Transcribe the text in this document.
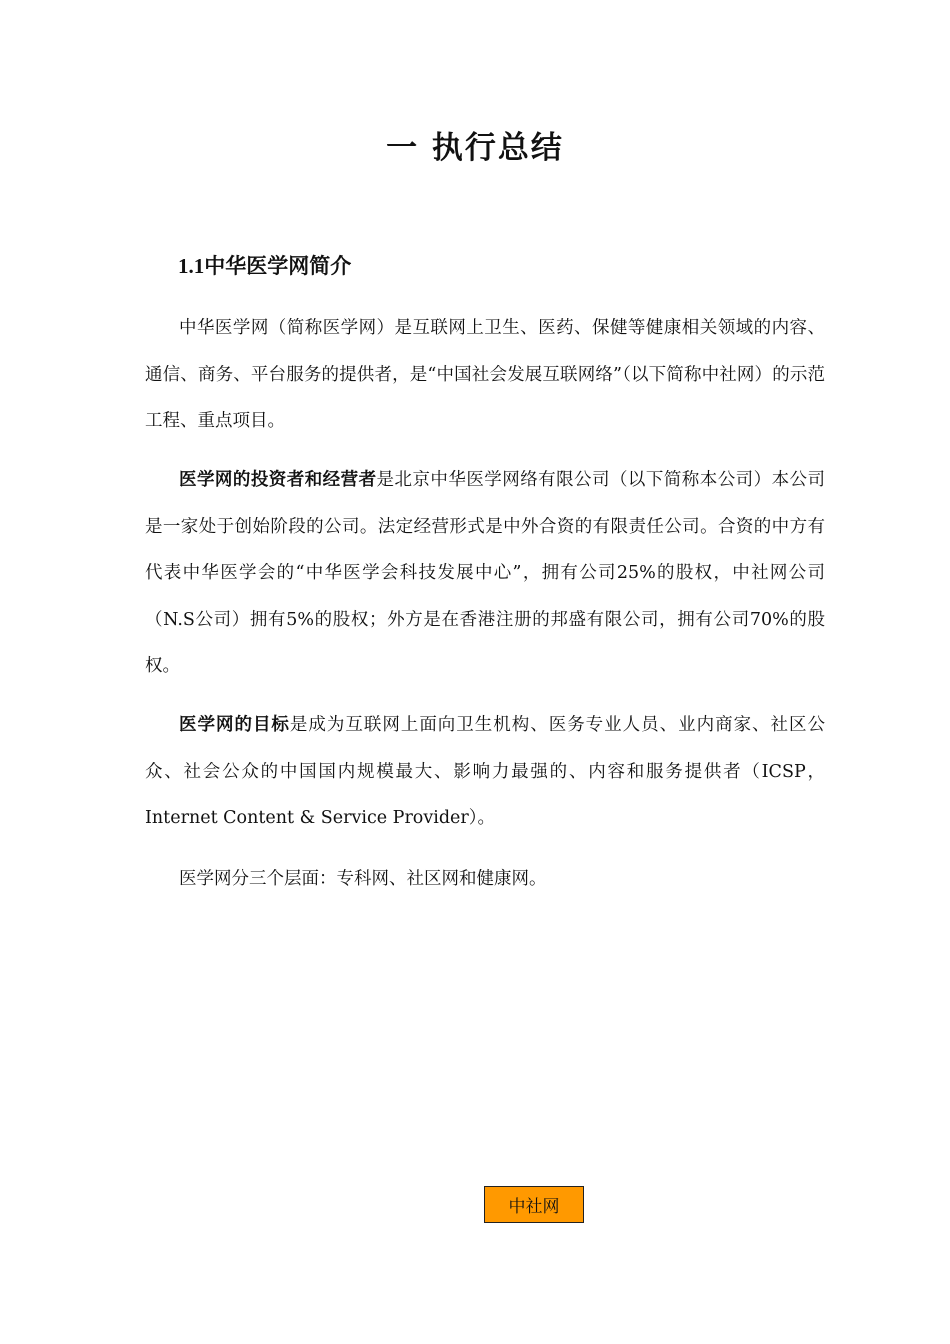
一 执行总结
1.1中华医学网简介

中华医学网（简称医学网）是互联网上卫生、医药、保健等健康相关领域的内容、通信、商务、平台服务的提供者，是“中国社会发展互联网络”（以下简称中社网）的示范工程、重点项目。

医学网的投资者和经营者是北京中华医学网络有限公司（以下简称本公司）本公司是一家处于创始阶段的公司。法定经营形式是中外合资的有限责任公司。合资的中方有代表中华医学会的“中华医学会科技发展中心”，拥有公司25%的股权，中社网公司（N.S公司）拥有5%的股权；外方是在香港注册的邦盛有限公司，拥有公司70%的股权。

医学网的目标是成为互联网上面向卫生机构、医务专业人员、业内商家、社区公众、社会公众的中国国内规模最大、影响力最强的、内容和服务提供者（ICSP，Internet Content & Service Provider）。

医学网分三个层面：专科网、社区网和健康网。

中社网
